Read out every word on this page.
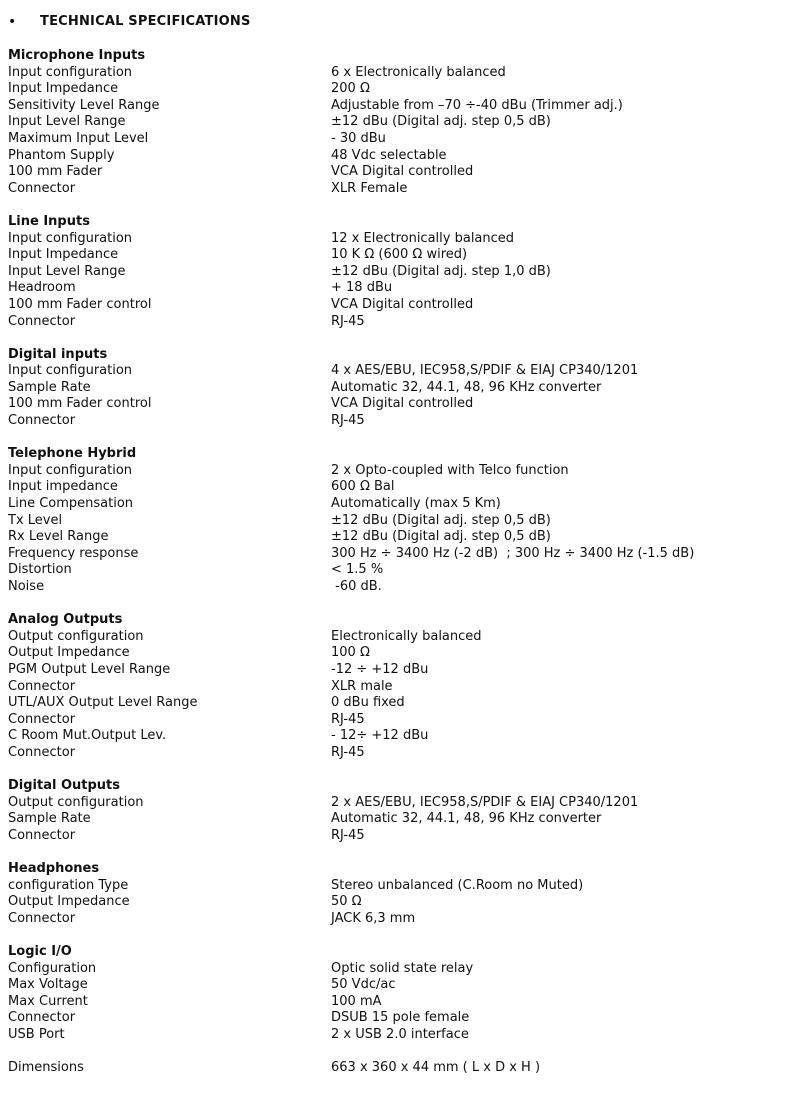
• TECHNICAL SPECIFICATIONS
Microphone Inputs
Input configuration	6 x Electronically balanced
Input Impedance	200 Ω
Sensitivity Level Range	Adjustable from –70 ÷-40 dBu (Trimmer adj.)
Input Level Range	±12 dBu (Digital adj. step 0,5 dB)
Maximum Input Level	- 30 dBu
Phantom Supply	48 Vdc selectable
100 mm Fader	VCA Digital controlled
Connector	XLR Female
Line Inputs
Input configuration	12 x Electronically balanced
Input Impedance	10 K Ω (600 Ω wired)
Input Level Range	±12 dBu (Digital adj. step 1,0 dB)
Headroom	+ 18 dBu
100 mm Fader control	VCA Digital controlled
Connector	RJ-45
Digital inputs
Input configuration	4 x AES/EBU, IEC958,S/PDIF & EIAJ CP340/1201
Sample Rate	Automatic 32, 44.1, 48, 96 KHz converter
100 mm Fader control	VCA Digital controlled
Connector	RJ-45
Telephone Hybrid
Input configuration	2 x Opto-coupled with Telco function
Input impedance	600 Ω Bal
Line Compensation	Automatically (max 5 Km)
Tx Level	±12 dBu (Digital adj. step 0,5 dB)
Rx Level Range	±12 dBu (Digital adj. step 0,5 dB)
Frequency response	300 Hz ÷ 3400 Hz (-2 dB)  ; 300 Hz ÷ 3400 Hz (-1.5 dB)
Distortion	< 1.5 %
Noise	-60 dB.
Analog Outputs
Output configuration	Electronically balanced
Output Impedance	100 Ω
PGM Output Level Range	-12 ÷ +12 dBu
Connector	XLR male
UTL/AUX Output Level Range	0 dBu fixed
Connector	RJ-45
C Room Mut.Output Lev.	- 12÷ +12 dBu
Connector	RJ-45
Digital Outputs
Output configuration	2 x AES/EBU, IEC958,S/PDIF & EIAJ CP340/1201
Sample Rate	Automatic 32, 44.1, 48, 96 KHz converter
Connector	RJ-45
Headphones
configuration Type	Stereo unbalanced (C.Room no Muted)
Output Impedance	50 Ω
Connector	JACK 6,3 mm
Logic I/O
Configuration	Optic solid state relay
Max Voltage	50 Vdc/ac
Max Current	100 mA
Connector	DSUB 15 pole female
USB Port	2 x USB 2.0 interface
Dimensions	663 x 360 x 44 mm ( L x D x H )
